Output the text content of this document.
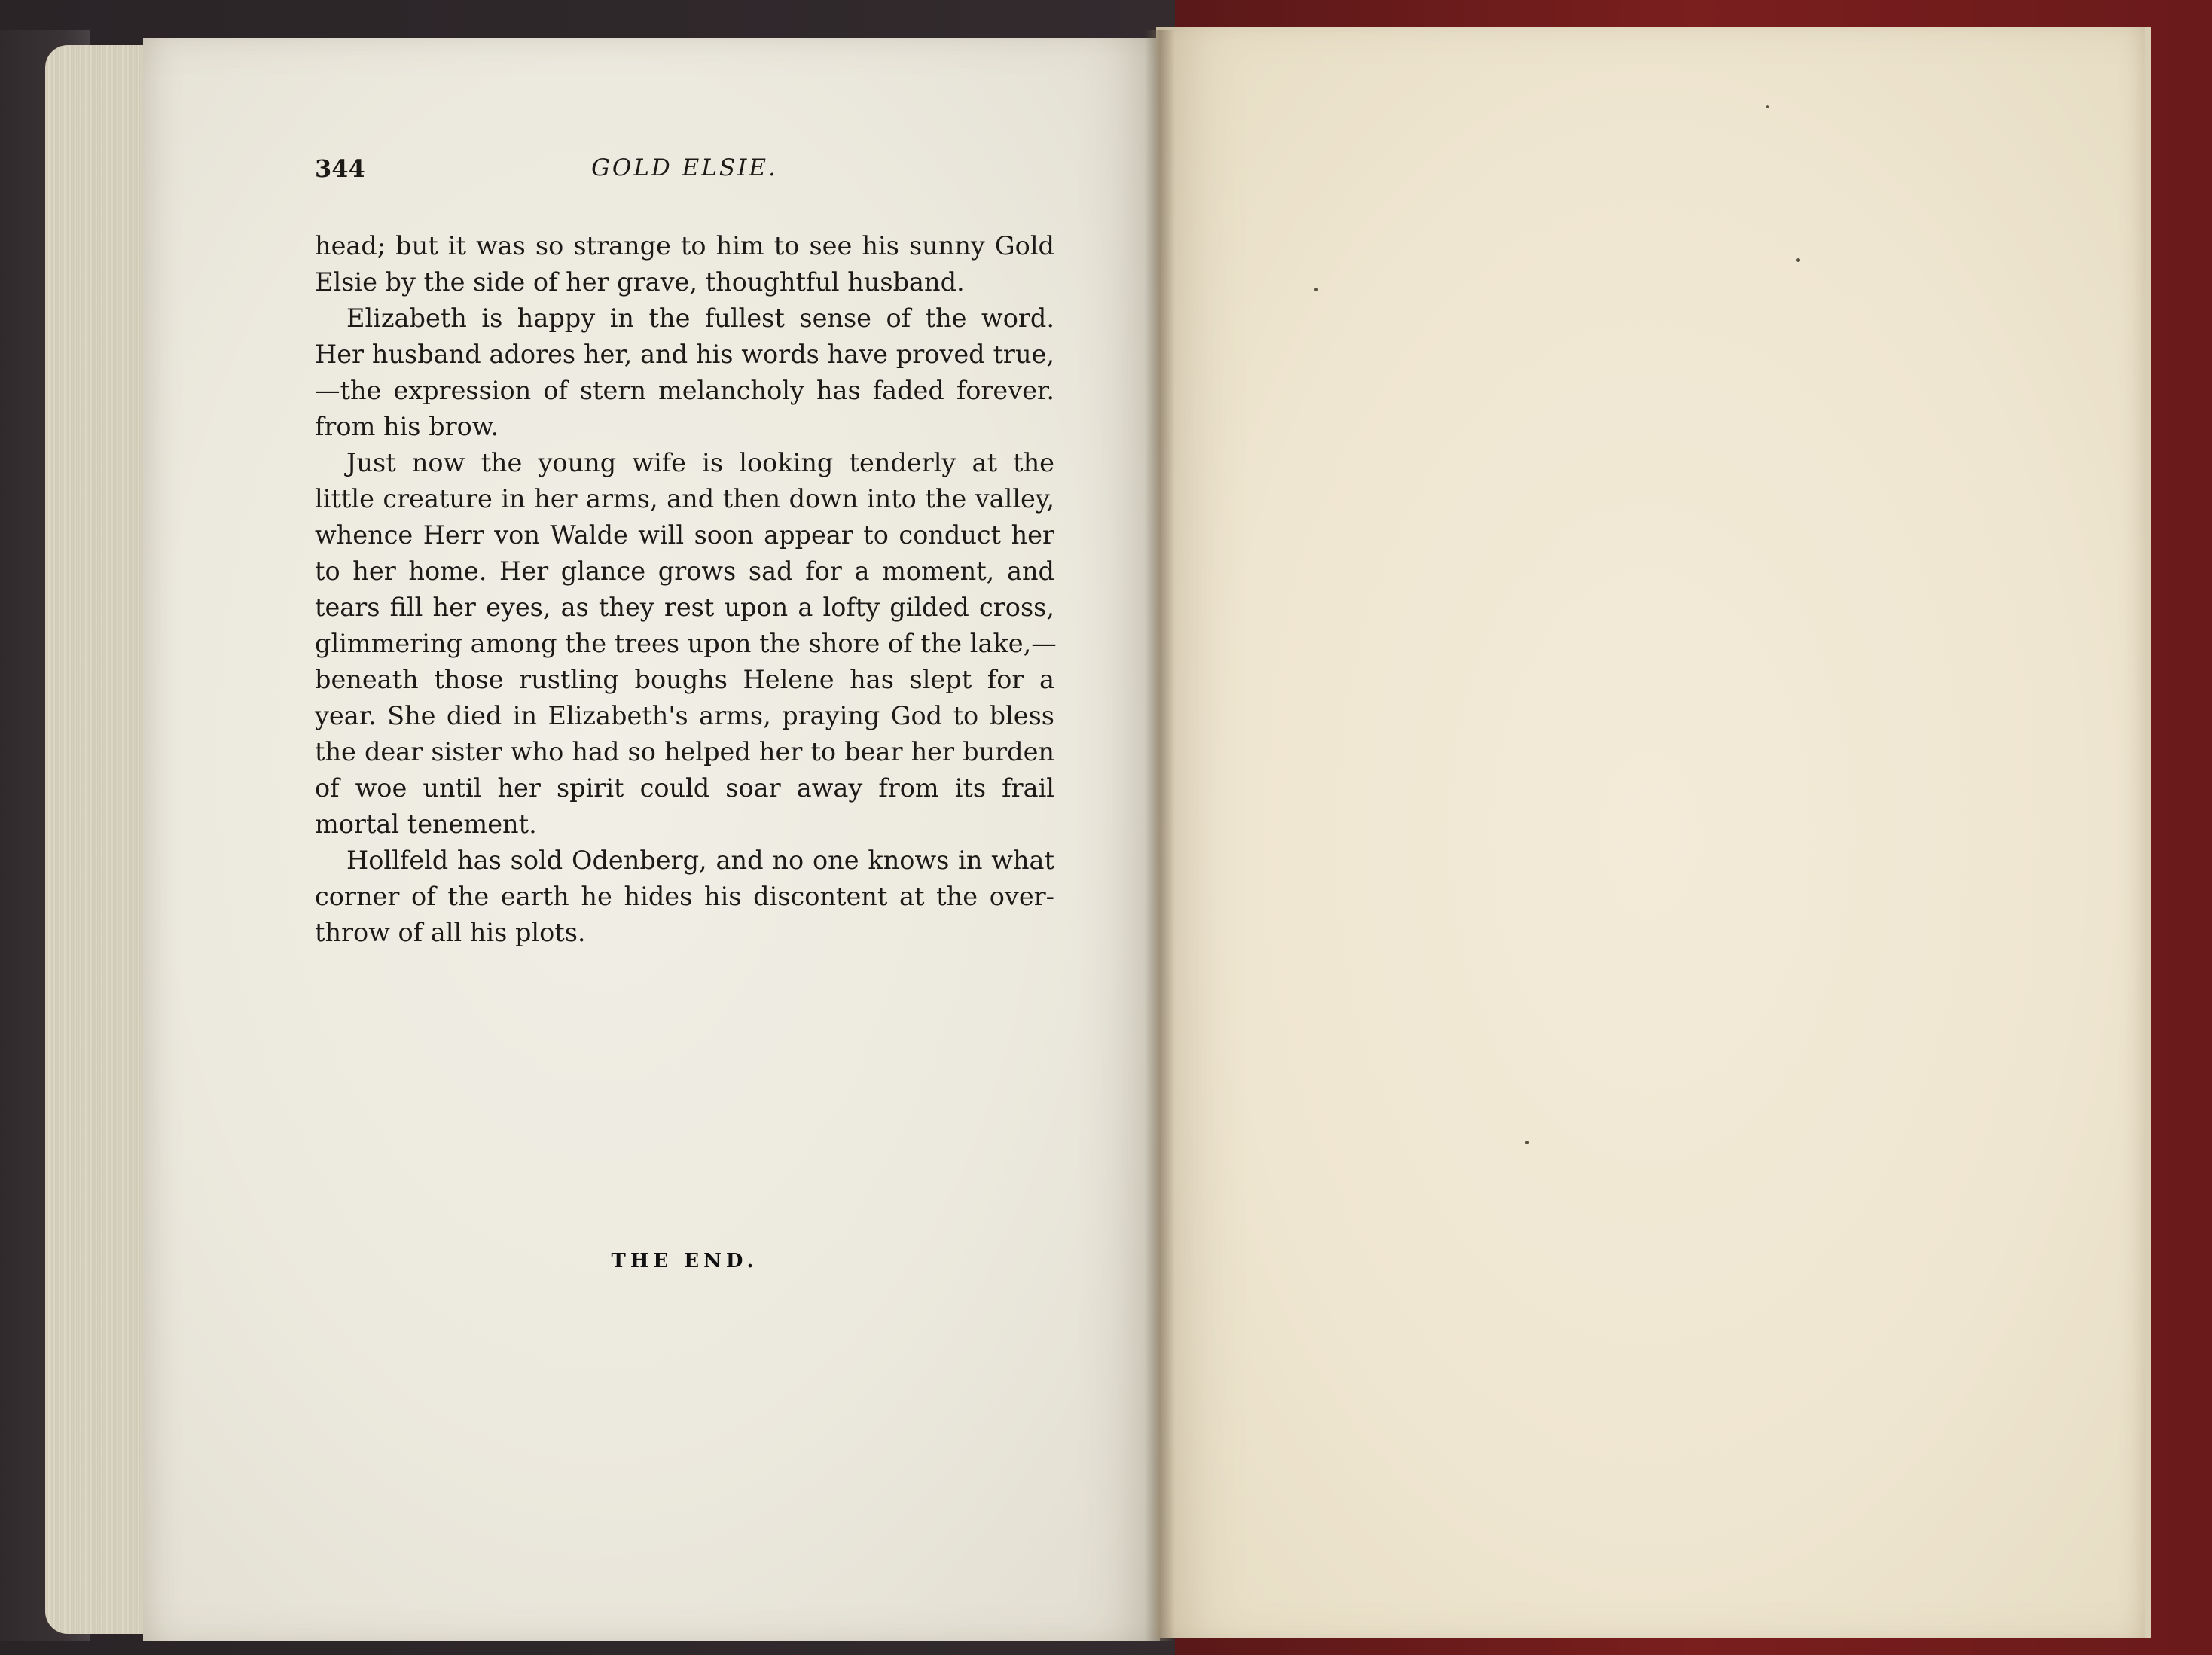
344	GOLD ELSIE.
head; but it was so strange to him to see his sunny Gold
Elsie by the side of her grave, thoughtful husband.
Elizabeth is happy in the fullest sense of the word.
Her husband adores her, and his words have proved true,
—the expression of stern melancholy has faded forever.
from his brow.
Just now the young wife is looking tenderly at the
little creature in her arms, and then down into the valley,
whence Herr von Walde will soon appear to conduct her
to her home. Her glance grows sad for a moment, and
tears fill her eyes, as they rest upon a lofty gilded cross,
glimmering among the trees upon the shore of the lake,—
beneath those rustling boughs Helene has slept for a
year. She died in Elizabeth's arms, praying God to bless
the dear sister who had so helped her to bear her burden
of woe until her spirit could soar away from its frail
mortal tenement.
Hollfeld has sold Odenberg, and no one knows in what
corner of the earth he hides his discontent at the over-
throw of all his plots.
THE END.
